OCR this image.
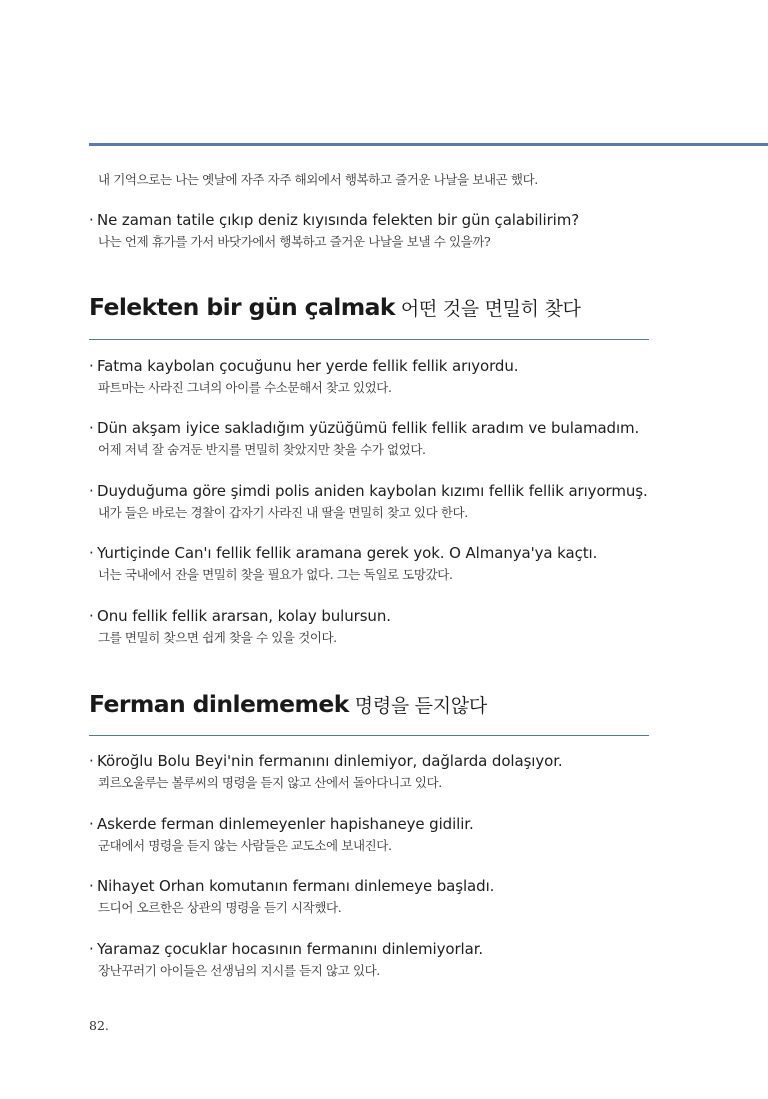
내 기억으로는 나는 옛날에 자주 자주 해외에서 행복하고 즐거운 나날을 보내곤 했다.
· Ne zaman tatile çıkıp deniz kıyısında felekten bir gün çalabilirim?
나는 언제 휴가를 가서 바닷가에서 행복하고 즐거운 나날을 보낼 수 있을까?
Felekten bir gün çalmak 어떤 것을 면밀히 찾다
· Fatma kaybolan çocuğunu her yerde fellik fellik arıyordu.
파트마는 사라진 그녀의 아이를 수소문해서 찾고 있었다.
· Dün akşam iyice sakladığım yüzüğümü fellik fellik aradım ve bulamadım.
어제 저녁 잘 숨겨둔 반지를 면밀히 찾았지만 찾을 수가 없었다.
· Duyduğuma göre şimdi polis aniden kaybolan kızımı fellik fellik arıyormuş.
내가 들은 바로는 경찰이 갑자기 사라진 내 딸을 면밀히 찾고 있다 한다.
· Yurtiçinde Can'ı fellik fellik aramana gerek yok. O Almanya'ya kaçtı.
너는 국내에서 잔을 면밀히 찾을 필요가 없다. 그는 독일로 도망갔다.
· Onu fellik fellik ararsan, kolay bulursun.
그를 면밀히 찾으면 쉽게 찾을 수 있을 것이다.
Ferman dinlememek 명령을 듣지않다
· Köroğlu Bolu Beyi'nin fermanını dinlemiyor, dağlarda dolaşıyor.
쾨르오울루는 볼루씨의 명령을 듣지 않고 산에서 돌아다니고 있다.
· Askerde ferman dinlemeyenler hapishaneye gidilir.
군대에서 명령을 듣지 않는 사람들은 교도소에 보내진다.
· Nihayet Orhan komutanın fermanı dinlemeye başladı.
드디어 오르한은 상관의 명령을 듣기 시작했다.
· Yaramaz çocuklar hocasının fermanını dinlemiyorlar.
장난꾸러기 아이들은 선생님의 지시를 듣지 않고 있다.
82.
